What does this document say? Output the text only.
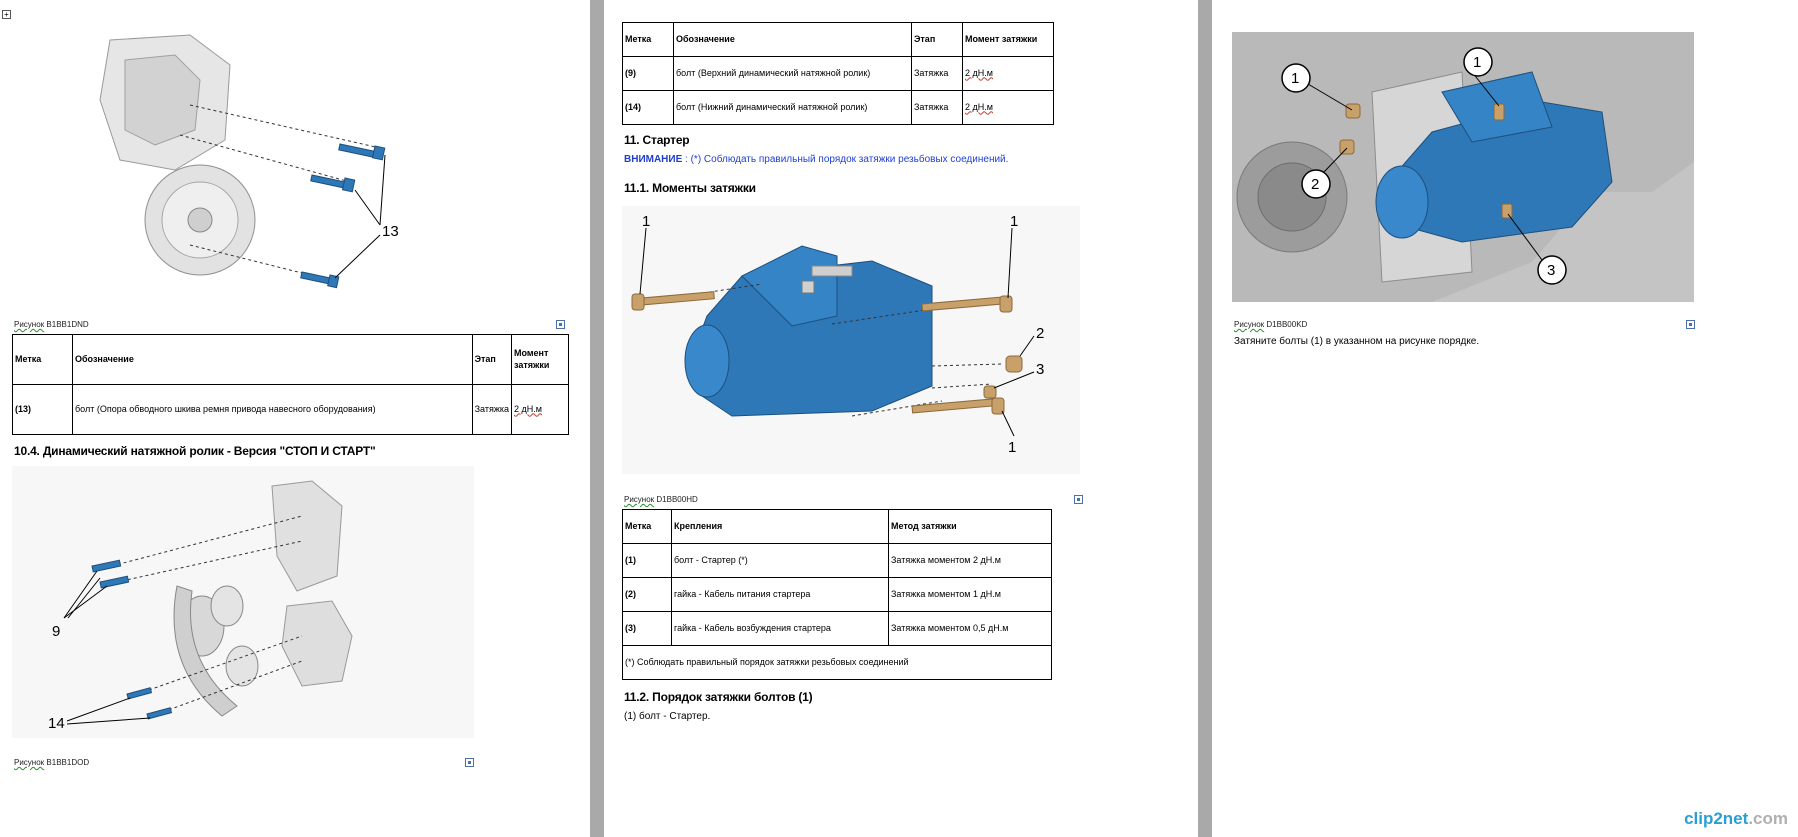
+
13
Рисунок B1BB1DND
Метка	Обозначение	Этап	Момент затяжки
(13)	болт (Опора обводного шкива ремня привода навесного оборудования)	Затяжка	2 дН.м
10.4. Динамический натяжной ролик - Версия "СТОП И СТАРТ"
9
14
Рисунок B1BB1DOD
Метка	Обозначение	Этап	Момент затяжки
(9)	болт (Верхний динамический натяжной ролик)	Затяжка	2 дН.м
(14)	болт (Нижний динамический натяжной ролик)	Затяжка	2 дН.м
11. Стартер
ВНИМАНИЕ : (*) Соблюдать правильный порядок затяжки резьбовых соединений.
11.1. Моменты затяжки
1	1
2
3
1
Рисунок D1BB00HD
Метка	Крепления	Метод затяжки
(1)	болт - Стартер (*)	Затяжка моментом 2 дН.м
(2)	гайка - Кабель питания стартера	Затяжка моментом 1 дН.м
(3)	гайка - Кабель возбуждения стартера	Затяжка моментом 0,5 дН.м
(*) Соблюдать правильный порядок затяжки резьбовых соединений		
11.2. Порядок затяжки болтов (1)
(1) болт - Стартер.
1
1
2
3
Рисунок D1BB00KD
Затяните болты (1) в указанном на рисунке порядке.
clip2net.com
